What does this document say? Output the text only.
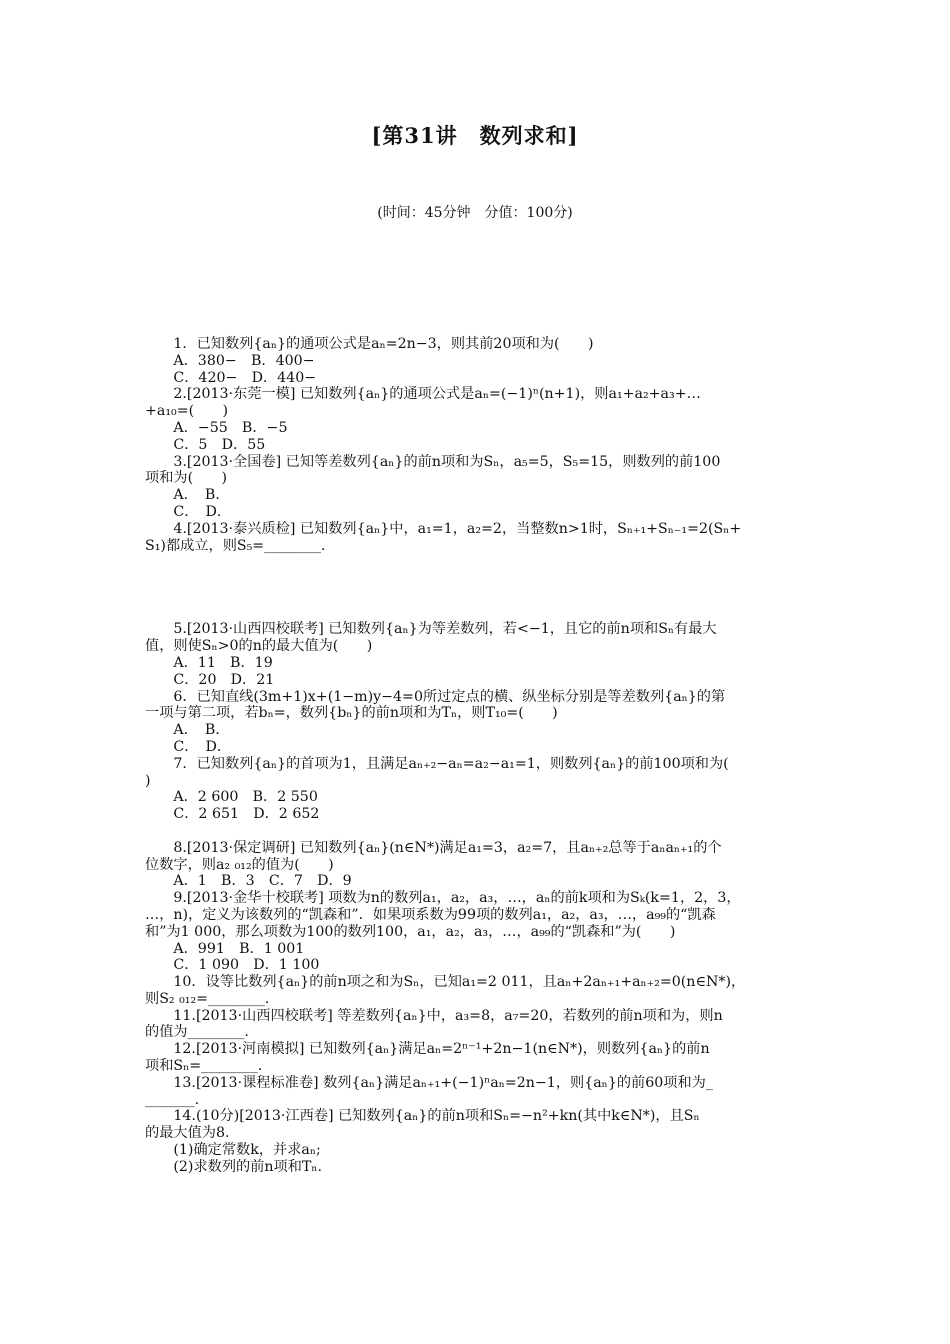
[第31讲　数列求和]
(时间：45分钟　分值：100分)
　　1．已知数列{aₙ}的通项公式是aₙ=2n−3，则其前20项和为(　　)
　　A．380−　B．400−
　　C．420−　D．440−
　　2.[2013·东莞一模] 已知数列{aₙ}的通项公式是aₙ=(−1)ⁿ(n+1)，则a₁+a₂+a₃+…
+a₁₀=(　　)
　　A．−55　B．−5
　　C．5　D．55
　　3.[2013·全国卷] 已知等差数列{aₙ}的前n项和为Sₙ，a₅=5，S₅=15，则数列的前100
项和为(　　)
　　A．　B．
　　C．　D．
　　4.[2013·泰兴质检] 已知数列{aₙ}中，a₁=1，a₂=2，当整数n>1时，Sₙ₊₁+Sₙ₋₁=2(Sₙ+
S₁)都成立，则S₅=________.
　　5.[2013·山西四校联考] 已知数列{aₙ}为等差数列，若<−1，且它的前n项和Sₙ有最大
值，则使Sₙ>0的n的最大值为(　　)
　　A．11　B．19
　　C．20　D．21
　　6．已知直线(3m+1)x+(1−m)y−4=0所过定点的横、纵坐标分别是等差数列{aₙ}的第
一项与第二项，若bₙ=，数列{bₙ}的前n项和为Tₙ，则T₁₀=(　　)
　　A．　B．
　　C．　D．
　　7．已知数列{aₙ}的首项为1，且满足aₙ₊₂−aₙ=a₂−a₁=1，则数列{aₙ}的前100项和为(
)
　　A．2 600　B．2 550
　　C．2 651　D．2 652
　　8.[2013·保定调研] 已知数列{aₙ}(n∈N*)满足a₁=3，a₂=7，且aₙ₊₂总等于aₙaₙ₊₁的个
位数字，则a₂ ₀₁₂的值为(　　)
　　A．1　B．3　C．7　D．9
　　9.[2013·金华十校联考] 项数为n的数列a₁，a₂，a₃，…，aₙ的前k项和为Sₖ(k=1，2，3，
…，n)，定义为该数列的“凯森和”．如果项系数为99项的数列a₁，a₂，a₃，…，a₉₉的“凯森
和”为1 000，那么项数为100的数列100，a₁，a₂，a₃，…，a₉₉的“凯森和”为(　　)
　　A．991　B．1 001
　　C．1 090　D．1 100
　　10．设等比数列{aₙ}的前n项之和为Sₙ，已知a₁=2 011，且aₙ+2aₙ₊₁+aₙ₊₂=0(n∈N*)，
则S₂ ₀₁₂=________.
　　11.[2013·山西四校联考] 等差数列{aₙ}中，a₃=8，a₇=20，若数列的前n项和为，则n
的值为________.
　　12.[2013·河南模拟] 已知数列{aₙ}满足aₙ=2ⁿ⁻¹+2n−1(n∈N*)，则数列{aₙ}的前n
项和Sₙ=________.
　　13.[2013·课程标准卷] 数列{aₙ}满足aₙ₊₁+(−1)ⁿaₙ=2n−1，则{aₙ}的前60项和为_
_______.
　　14.(10分)[2013·江西卷] 已知数列{aₙ}的前n项和Sₙ=−n²+kn(其中k∈N*)，且Sₙ
的最大值为8.
　　(1)确定常数k，并求aₙ;
　　(2)求数列的前n项和Tₙ.
